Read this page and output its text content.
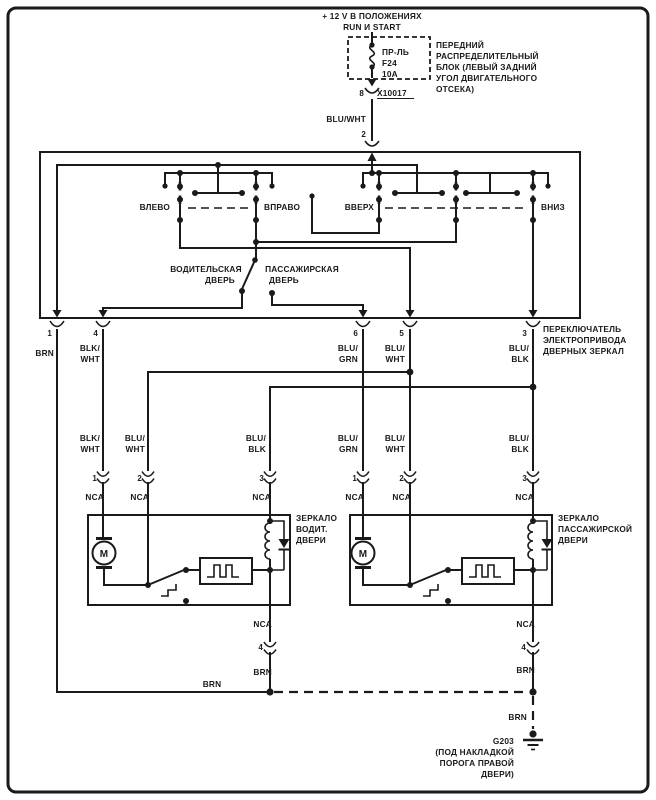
+ 12 V В ПОЛОЖЕНИЯХ
RUN И START
ПР-ЛЬ
F24
10A
ПЕРЕДНИЙ
РАСПРЕДЕЛИТЕЛЬНЫЙ
БЛОК (ЛЕВЫЙ ЗАДНИЙ
УГОЛ ДВИГАТЕЛЬНОГО
ОТСЕКА)
8 X10017
BLU/WHT
2
ВЛЕВО	ВПРАВО	ВВЕРХ	ВНИЗ
ВОДИТЕЛЬСКАЯ
ДВЕРЬ
ПАССАЖИРСКАЯ
ДВЕРЬ
ПЕРЕКЛЮЧАТЕЛЬ
ЭЛЕКТРОПРИВОДА
ДВЕРНЫХ ЗЕРКАЛ
1	4	6	5	3
BRN	BLK/
WHT
BLU/
GRN
BLU/
WHT
BLU/
BLK
BLK/
WHT
BLU/
WHT
BLU/
BLK
BLU/
GRN
BLU/
WHT
BLU/
BLK
1	2	3	1	2	3
NCA	NCA	NCA	NCA	NCA	NCA
M
ЗЕРКАЛО
ВОДИТ.
ДВЕРИ
NCA
4
BRN
M
ЗЕРКАЛО
ПАССАЖИРСКОЙ
ДВЕРИ
NCA
4
BRN
BRN
BRN
G203
(ПОД НАКЛАДКОЙ
ПОРОГА ПРАВОЙ
ДВЕРИ)
